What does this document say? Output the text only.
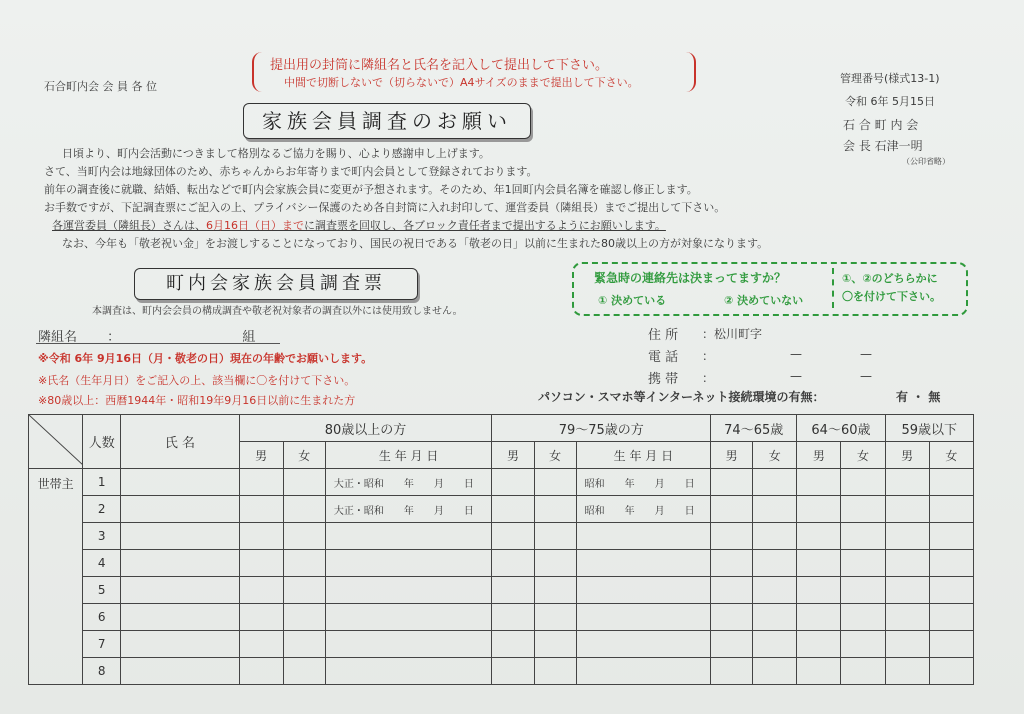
石合町内会 会 員 各 位
提出用の封筒に隣組名と氏名を記入して提出して下さい。
中間で切断しないで（切らないで）A4サイズのままで提出して下さい。	管理番号(様式13-1)
令和 6年 5月15日
石 合 町 内 会
会 長 石津一明
（公印省略）
家族会員調査のお願い
日頃より、町内会活動につきまして格別なるご協力を賜り、心より感謝申し上げます。
さて、当町内会は地縁団体のため、赤ちゃんからお年寄りまで町内会員として登録されております。
前年の調査後に就職、結婚、転出などで町内会家族会員に変更が予想されます。そのため、年1回町内会員名簿を確認し修正します。
お手数ですが、下記調査票にご記入の上、プライバシー保護のため各自封筒に入れ封印して、運営委員（隣組長）までご提出して下さい。
各運営委員（隣組長）さんは、6月16日（日）までに調査票を回収し、各ブロック責任者まで提出するようにお願いします。
なお、今年も「敬老祝い金」をお渡しすることになっており、国民の祝日である「敬老の日」以前に生まれた80歳以上の方が対象になります。
町内会家族会員調査票
本調査は、町内会会員の構成調査や敬老祝対象者の調査以外には使用致しません。
緊急時の連絡先は決まってますか？
① 決めている	② 決めていない
①、②のどちらかに
〇を付けて下さい。
隣組名 ：	組
※令和 6年 9月16日（月・敬老の日）現在の年齢でお願いします。
※氏名（生年月日）をご記入の上、該当欄に〇を付けて下さい。
※80歳以上：西暦1944年・昭和19年9月16日以前に生まれた方
住 所 ：松川町字
電 話 ：	—	—
携 帯 ：	—	—
パソコン・スマホ等インターネット接続環境の有無：	有 ・ 無
	人数	氏 名	80歳以上の方			79〜75歳の方			74〜65歳		64〜60歳		59歳以下	
			男	女	生 年 月 日	男	女	生 年 月 日	男	女	男	女	男	女
世帯主	1				大正・昭和　　年　　月　　日			昭和　　年　　月　　日						
	2				大正・昭和　　年　　月　　日			昭和　　年　　月　　日						
	3													
	4													
	5													
	6													
	7													
	8													
